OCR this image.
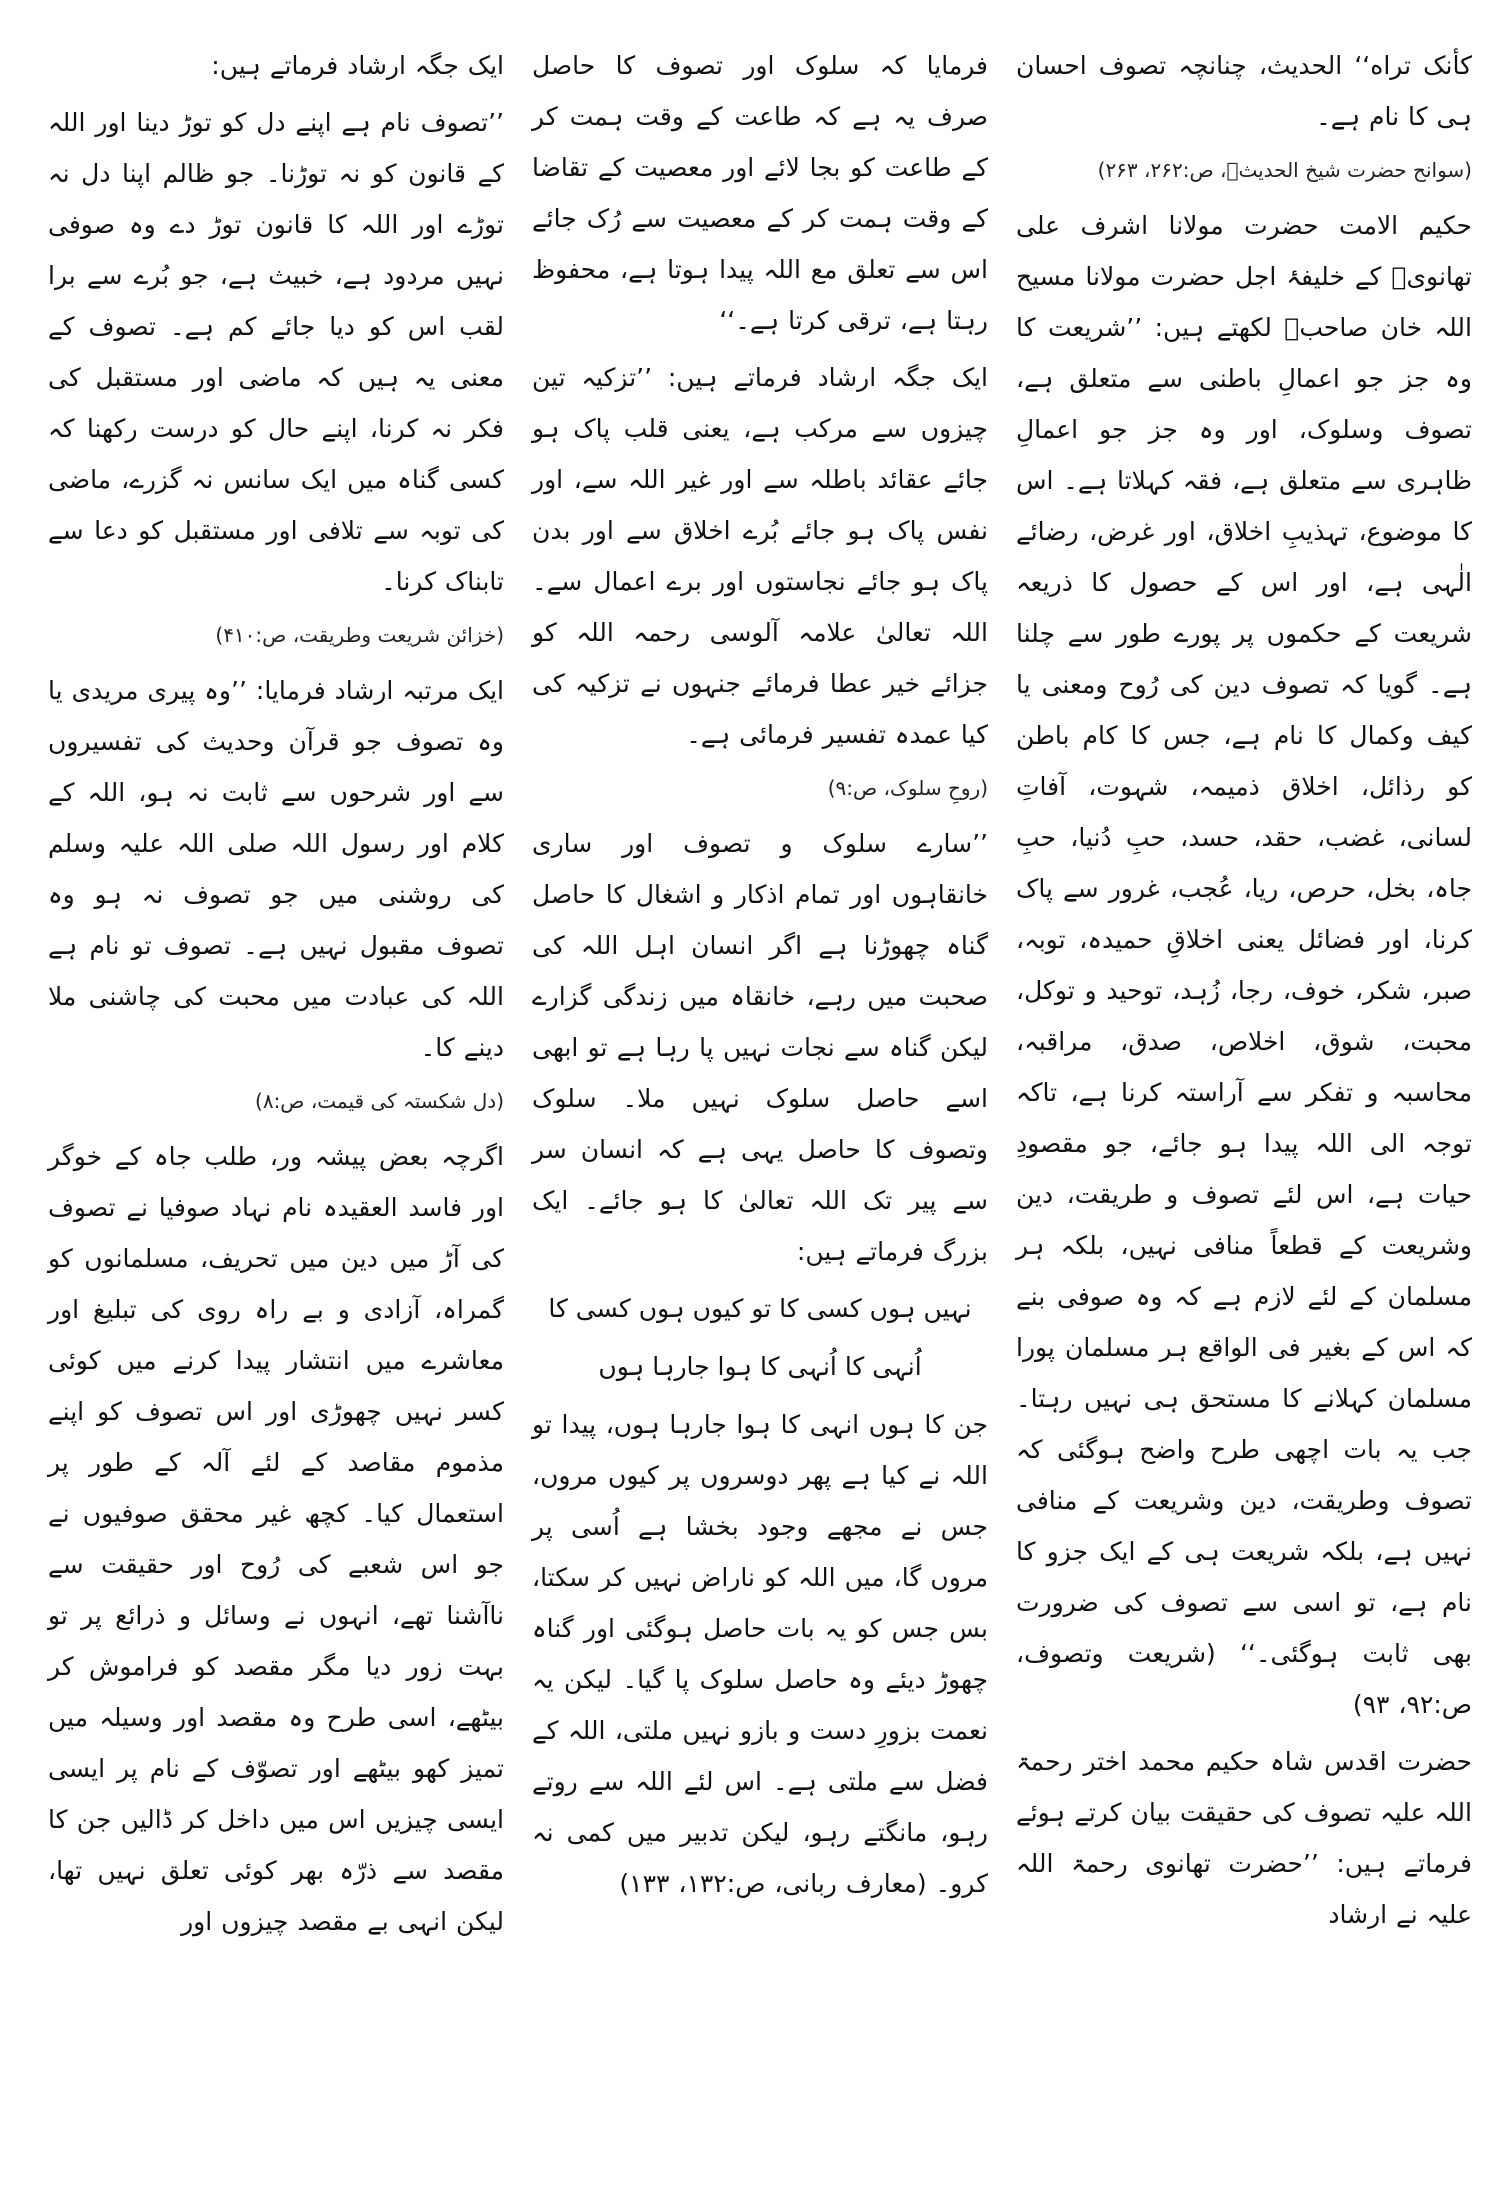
کأنک تراه‘‘ الحدیث، چنانچہ تصوف احسان ہی کا نام ہے۔

(سوانح حضرت شیخ الحدیثؒ، ص:۲۶۲، ۲۶۳)

حکیم الامت حضرت مولانا اشرف علی تھانویؒ کے خلیفۂ اجل حضرت مولانا مسیح اللہ خان صاحبؒ لکھتے ہیں: ’’شریعت کا وہ جز جو اعمالِ باطنی سے متعلق ہے، تصوف وسلوک، اور وہ جز جو اعمالِ ظاہری سے متعلق ہے، فقہ کہلاتا ہے۔ اس کا موضوع، تہذیبِ اخلاق، اور غرض، رضائے الٰہی ہے، اور اس کے حصول کا ذریعہ شریعت کے حکموں پر پورے طور سے چلنا ہے۔ گویا کہ تصوف دین کی رُوح ومعنی یا کیف وکمال کا نام ہے، جس کا کام باطن کو رذائل، اخلاق ذمیمہ، شہوت، آفاتِ لسانی، غضب، حقد، حسد، حبِ دُنیا، حبِ جاہ، بخل، حرص، ریا، عُجب، غرور سے پاک کرنا، اور فضائل یعنی اخلاقِ حمیدہ، توبہ، صبر، شکر، خوف، رجا، زُہد، توحید و توکل، محبت، شوق، اخلاص، صدق، مراقبہ، محاسبہ و تفکر سے آراستہ کرنا ہے، تاکہ توجہ الی اللہ پیدا ہو جائے، جو مقصودِ حیات ہے، اس لئے تصوف و طریقت، دین وشریعت کے قطعاً منافی نہیں، بلکہ ہر مسلمان کے لئے لازم ہے کہ وہ صوفی بنے کہ اس کے بغیر فی الواقع ہر مسلمان پورا مسلمان کہلانے کا مستحق ہی نہیں رہتا۔ جب یہ بات اچھی طرح واضح ہوگئی کہ تصوف وطریقت، دین وشریعت کے منافی نہیں ہے، بلکہ شریعت ہی کے ایک جزو کا نام ہے، تو اسی سے تصوف کی ضرورت بھی ثابت ہوگئی۔‘‘ (شریعت وتصوف، ص:۹۲، ۹۳)

حضرت اقدس شاہ حکیم محمد اختر رحمۃ اللہ علیہ تصوف کی حقیقت بیان کرتے ہوئے فرماتے ہیں: ’’حضرت تھانوی رحمۃ اللہ علیہ نے ارشاد

فرمایا کہ سلوک اور تصوف کا حاصل صرف یہ ہے کہ طاعت کے وقت ہمت کر کے طاعت کو بجا لائے اور معصیت کے تقاضا کے وقت ہمت کر کے معصیت سے رُک جائے اس سے تعلق مع اللہ پیدا ہوتا ہے، محفوظ رہتا ہے، ترقی کرتا ہے۔‘‘

ایک جگہ ارشاد فرماتے ہیں: ’’تزکیہ تین چیزوں سے مرکب ہے، یعنی قلب پاک ہو جائے عقائد باطلہ سے اور غیر اللہ سے، اور نفس پاک ہو جائے بُرے اخلاق سے اور بدن پاک ہو جائے نجاستوں اور برے اعمال سے۔ اللہ تعالیٰ علامہ آلوسی رحمہ اللہ کو جزائے خیر عطا فرمائے جنہوں نے تزکیہ کی کیا عمدہ تفسیر فرمائی ہے۔

(روحِ سلوک، ص:۹)

’’سارے سلوک و تصوف اور ساری خانقاہوں اور تمام اذکار و اشغال کا حاصل گناہ چھوڑنا ہے اگر انسان اہل اللہ کی صحبت میں رہے، خانقاہ میں زندگی گزارے لیکن گناہ سے نجات نہیں پا رہا ہے تو ابھی اسے حاصل سلوک نہیں ملا۔ سلوک وتصوف کا حاصل یہی ہے کہ انسان سر سے پیر تک اللہ تعالیٰ کا ہو جائے۔ ایک بزرگ فرماتے ہیں:

نہیں ہوں کسی کا تو کیوں ہوں کسی کا

اُنہی کا اُنہی کا ہوا جارہا ہوں

جن کا ہوں انہی کا ہوا جارہا ہوں، پیدا تو اللہ نے کیا ہے پھر دوسروں پر کیوں مروں، جس نے مجھے وجود بخشا ہے اُسی پر مروں گا، میں اللہ کو ناراض نہیں کر سکتا، بس جس کو یہ بات حاصل ہوگئی اور گناہ چھوڑ دیئے وہ حاصل سلوک پا گیا۔ لیکن یہ نعمت بزورِ دست و بازو نہیں ملتی، اللہ کے فضل سے ملتی ہے۔ اس لئے اللہ سے روتے رہو، مانگتے رہو، لیکن تدبیر میں کمی نہ کرو۔ (معارف ربانی، ص:۱۳۲، ۱۳۳)

ایک جگہ ارشاد فرماتے ہیں:

’’تصوف نام ہے اپنے دل کو توڑ دینا اور اللہ کے قانون کو نہ توڑنا۔ جو ظالم اپنا دل نہ توڑے اور اللہ کا قانون توڑ دے وہ صوفی نہیں مردود ہے، خبیث ہے، جو بُرے سے برا لقب اس کو دیا جائے کم ہے۔ تصوف کے معنی یہ ہیں کہ ماضی اور مستقبل کی فکر نہ کرنا، اپنے حال کو درست رکھنا کہ کسی گناہ میں ایک سانس نہ گزرے، ماضی کی توبہ سے تلافی اور مستقبل کو دعا سے تابناک کرنا۔

(خزائن شریعت وطریقت، ص:۴۱۰)

ایک مرتبہ ارشاد فرمایا: ’’وہ پیری مریدی یا وہ تصوف جو قرآن وحدیث کی تفسیروں سے اور شرحوں سے ثابت نہ ہو، اللہ کے کلام اور رسول اللہ صلی اللہ علیہ وسلم کی روشنی میں جو تصوف نہ ہو وہ تصوف مقبول نہیں ہے۔ تصوف تو نام ہے اللہ کی عبادت میں محبت کی چاشنی ملا دینے کا۔

(دل شکستہ کی قیمت، ص:۸)

اگرچہ بعض پیشہ ور، طلب جاہ کے خوگر اور فاسد العقیدہ نام نہاد صوفیا نے تصوف کی آڑ میں دین میں تحریف، مسلمانوں کو گمراہ، آزادی و بے راہ روی کی تبلیغ اور معاشرے میں انتشار پیدا کرنے میں کوئی کسر نہیں چھوڑی اور اس تصوف کو اپنے مذموم مقاصد کے لئے آلہ کے طور پر استعمال کیا۔ کچھ غیر محقق صوفیوں نے جو اس شعبے کی رُوح اور حقیقت سے ناآشنا تھے، انہوں نے وسائل و ذرائع پر تو بہت زور دیا مگر مقصد کو فراموش کر بیٹھے، اسی طرح وہ مقصد اور وسیلہ میں تمیز کھو بیٹھے اور تصوّف کے نام پر ایسی ایسی چیزیں اس میں داخل کر ڈالیں جن کا مقصد سے ذرّہ بھر کوئی تعلق نہیں تھا، لیکن انہی بے مقصد چیزوں اور
